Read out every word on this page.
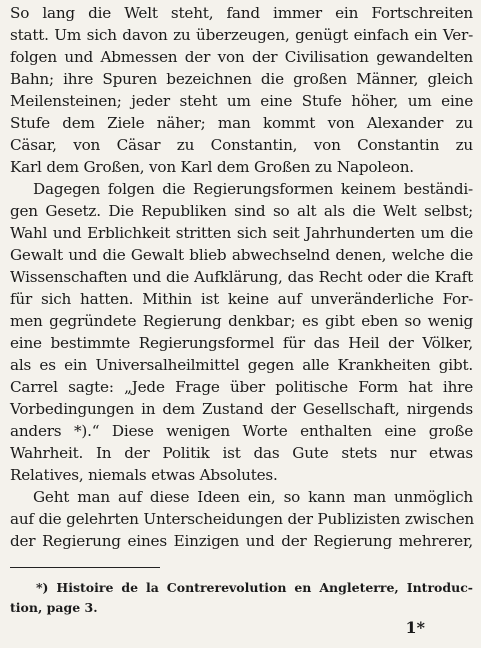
So lang die Welt steht, fand immer ein Fortschreiten
statt. Um sich davon zu überzeugen, genügt einfach ein Ver-
folgen und Abmessen der von der Civilisation gewandelten
Bahn; ihre Spuren bezeichnen die großen Männer, gleich
Meilensteinen; jeder steht um eine Stufe höher, um eine
Stufe dem Ziele näher; man kommt von Alexander zu
Cäsar, von Cäsar zu Constantin, von Constantin zu
Karl dem Großen, von Karl dem Großen zu Napoleon.
Dagegen folgen die Regierungsformen keinem beständi-
gen Gesetz. Die Republiken sind so alt als die Welt selbst;
Wahl und Erblichkeit stritten sich seit Jahrhunderten um die
Gewalt und die Gewalt blieb abwechselnd denen, welche die
Wissenschaften und die Aufklärung, das Recht oder die Kraft
für sich hatten. Mithin ist keine auf unveränderliche For-
men gegründete Regierung denkbar; es gibt eben so wenig
eine bestimmte Regierungsformel für das Heil der Völker,
als es ein Universalheilmittel gegen alle Krankheiten gibt.
Carrel sagte: „Jede Frage über politische Form hat ihre
Vorbedingungen in dem Zustand der Gesellschaft, nirgends
anders *).“ Diese wenigen Worte enthalten eine große
Wahrheit. In der Politik ist das Gute stets nur etwas
Relatives, niemals etwas Absolutes.
Geht man auf diese Ideen ein, so kann man unmöglich
auf die gelehrten Unterscheidungen der Publizisten zwischen
der Regierung eines Einzigen und der Regierung mehrerer,
*) Histoire de la Contrerevolution en Angleterre, Introduc-
tion, page 3.
1*
